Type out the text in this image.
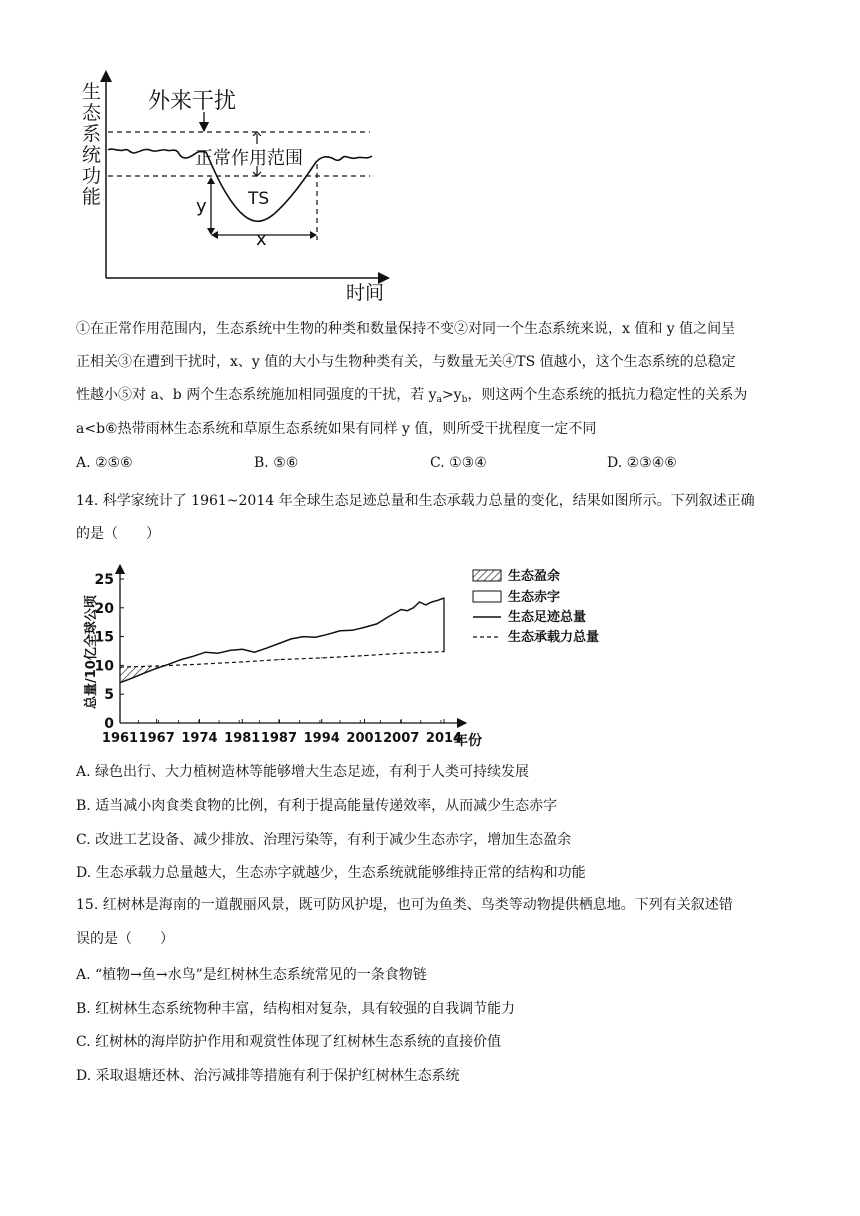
生
态
系
统
功
能
时间
外来干扰
正常作用范围
TS
y
x
①在正常作用范围内，生态系统中生物的种类和数量保持不变②对同一个生态系统来说，x 值和 y 值之间呈
正相关③在遭到干扰时，x、y 值的大小与生物种类有关，与数量无关④TS 值越小，这个生态系统的总稳定
性越小⑤对 a、b 两个生态系统施加相同强度的干扰，若 $y_a>y_b$，则这两个生态系统的抵抗力稳定性的关系为
a<b⑥热带雨林生态系统和草原生态系统如果有同样 y 值，则所受干扰程度一定不同
A. ②⑤⑥	B. ⑤⑥	C. ①③④	D. ②③④⑥
14. 科学家统计了 1961~2014 年全球生态足迹总量和生态承载力总量的变化，结果如图所示。下列叙述正确
的是（　　）
总量/10亿全球公顷
0
5
10
15
20
25
1961 1967 1974 1981 1987 1994 2001 2007 2014
年份
生态盈余
生态赤字
生态足迹总量
生态承载力总量
A. 绿色出行、大力植树造林等能够增大生态足迹，有利于人类可持续发展
B. 适当减小肉食类食物的比例，有利于提高能量传递效率，从而减少生态赤字
C. 改进工艺设备、减少排放、治理污染等，有利于减少生态赤字，增加生态盈余
D. 生态承载力总量越大，生态赤字就越少，生态系统就能够维持正常的结构和功能
15. 红树林是海南的一道靓丽风景，既可防风护堤，也可为鱼类、鸟类等动物提供栖息地。下列有关叙述错
误的是（　　）
A. “植物→鱼→水鸟”是红树林生态系统常见的一条食物链
B. 红树林生态系统物种丰富，结构相对复杂，具有较强的自我调节能力
C. 红树林的海岸防护作用和观赏性体现了红树林生态系统的直接价值
D. 采取退塘还林、治污减排等措施有利于保护红树林生态系统
